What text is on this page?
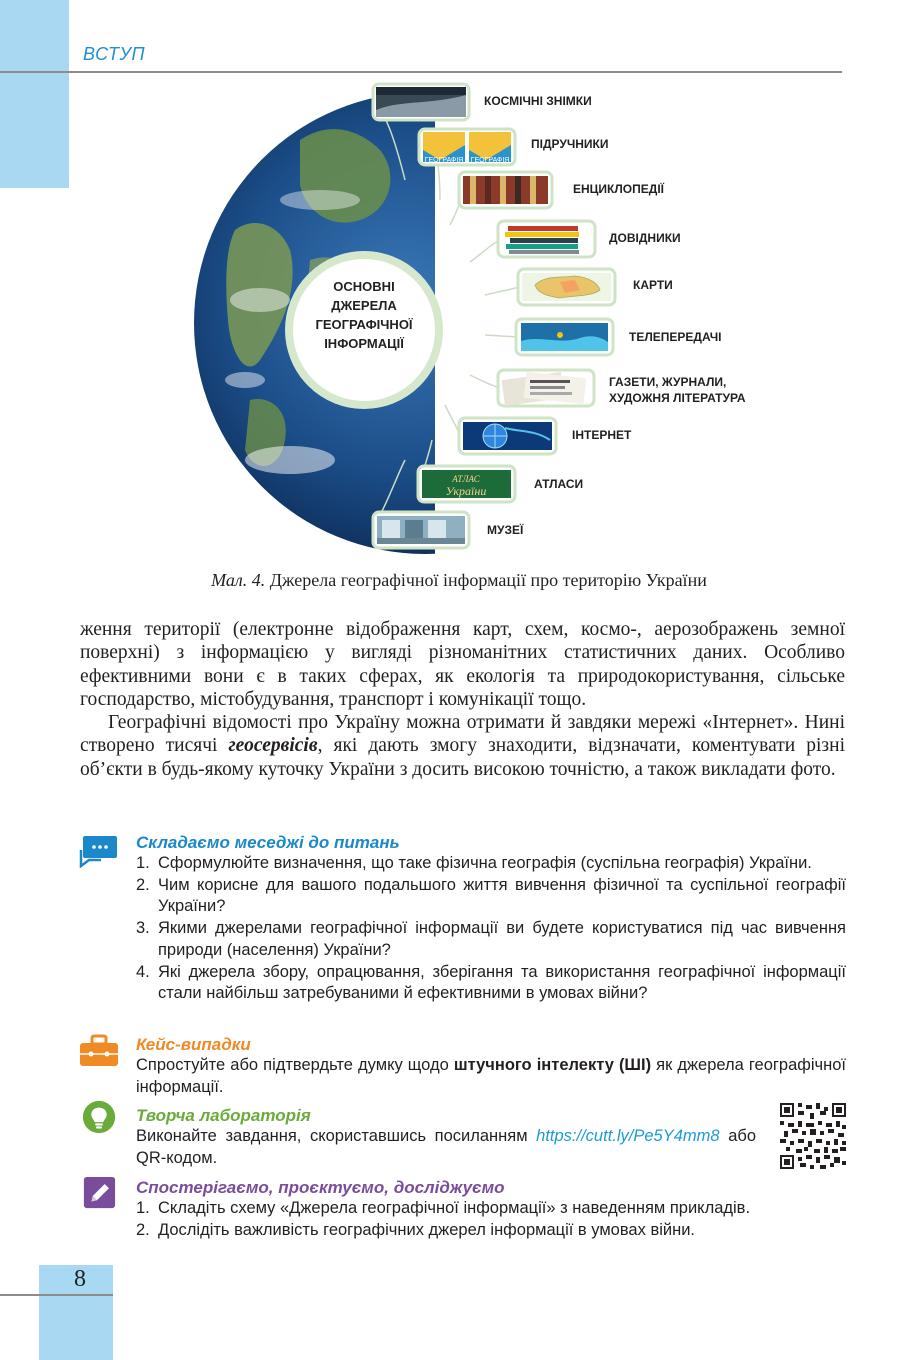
ВСТУП
ОСНОВНІ
ДЖЕРЕЛА
ГЕОГРАФІЧНОЇ
ІНФОРМАЦІЇ
ГЕОГРАФІЯ ГЕОГРАФІЯ
АТЛАС
України
КОСМІЧНІ ЗНІМКИ
ПІДРУЧНИКИ
ЕНЦИКЛОПЕДІЇ
ДОВІДНИКИ
КАРТИ
ТЕЛЕПЕРЕДАЧІ
ГАЗЕТИ, ЖУРНАЛИ,
ХУДОЖНЯ ЛІТЕРАТУРА
ІНТЕРНЕТ
АТЛАСИ
МУЗЕЇ
Мал. 4. Джерела географічної інформації про територію України

ження території (електронне відображення карт, схем, космо-, аерозображень земної поверхні) з інформацією у вигляді різноманітних статистичних даних. Особливо ефективними вони є в таких сферах, як екологія та природокористування, сільське господарство, містобудування, транспорт і комунікації тощо.

Географічні відомості про Україну можна отримати й завдяки мережі «Інтернет». Нині створено тисячі геосервісів, які дають змогу знаходити, відзначати, коментувати різні об’єкти в будь-якому куточку України з досить високою точністю, а також викладати фото.

Складаємо меседжі до питань
1. Сформулюйте визначення, що таке фізична географія (суспільна географія) України.
2. Чим корисне для вашого подальшого життя вивчення фізичної та суспільної географії України?
3. Якими джерелами географічної інформації ви будете користуватися під час вивчення природи (населення) України?
4. Які джерела збору, опрацювання, зберігання та використання географічної інформації стали найбільш затребуваними й ефективними в умовах війни?
Кейс-випадки
Спростуйте або підтвердьте думку щодо штучного інтелекту (ШІ) як джерела географічної інформації.
Творча лабораторія
Виконайте завдання, скориставшись посиланням https://cutt.ly/Pe5Y4mm8 або QR-кодом.
Спостерігаємо, проєктуємо, досліджуємо
1. Складіть схему «Джерела географічної інформації» з наведенням прикладів.
2. Дослідіть важливість географічних джерел інформації в умовах війни.
8
